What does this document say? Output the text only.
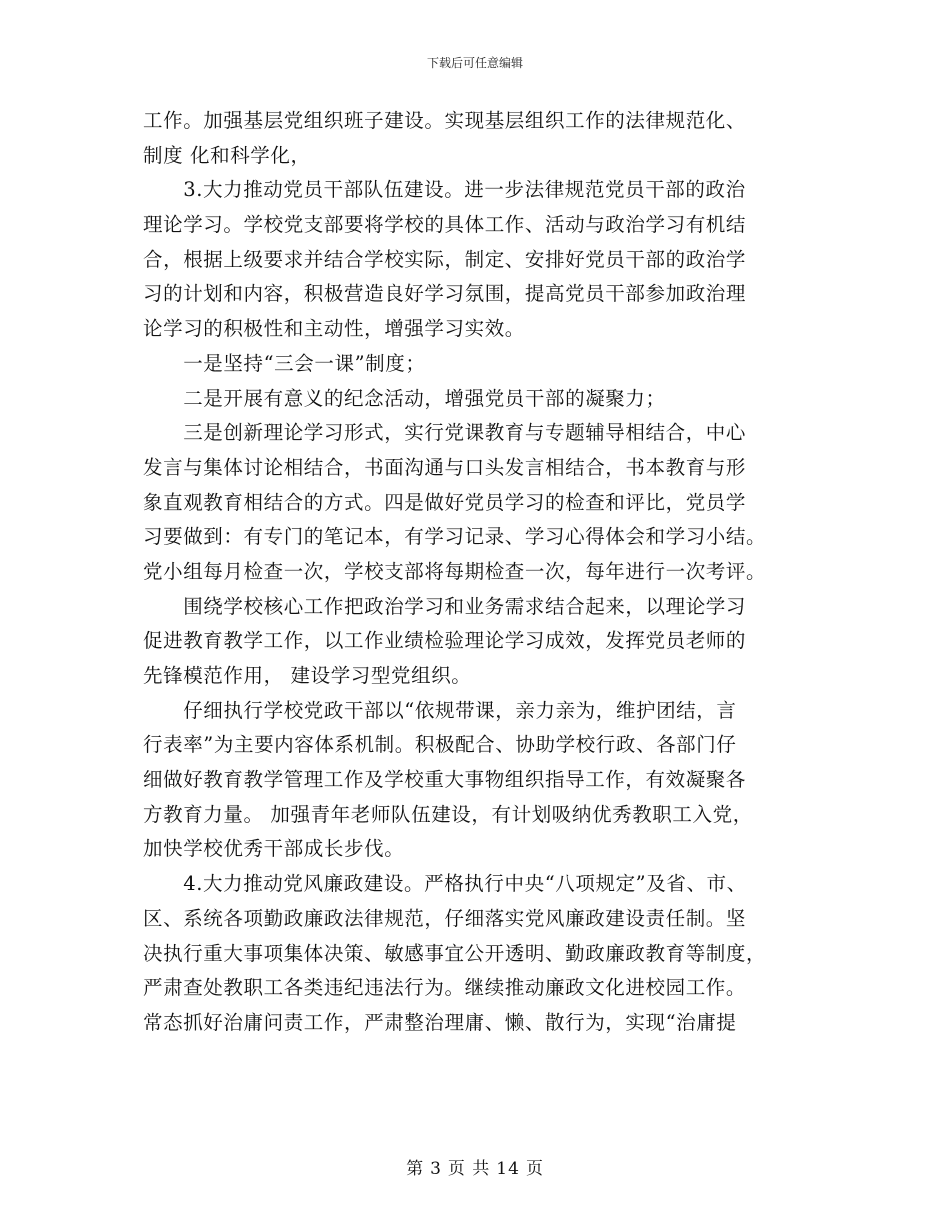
下载后可任意编辑
工作。加强基层党组织班子建设。实现基层组织工作的法律规范化、
制度 化和科学化，
　　3.大力推动党员干部队伍建设。进一步法律规范党员干部的政治
理论学习。学校党支部要将学校的具体工作、活动与政治学习有机结
合，根据上级要求并结合学校实际，制定、安排好党员干部的政治学
习的计划和内容，积极营造良好学习氛围，提高党员干部参加政治理
论学习的积极性和主动性，增强学习实效。
　　一是坚持“三会一课”制度；
　　二是开展有意义的纪念活动，增强党员干部的凝聚力；
　　三是创新理论学习形式，实行党课教育与专题辅导相结合，中心
发言与集体讨论相结合，书面沟通与口头发言相结合，书本教育与形
象直观教育相结合的方式。四是做好党员学习的检查和评比，党员学
习要做到：有专门的笔记本，有学习记录、学习心得体会和学习小结。
党小组每月检查一次，学校支部将每期检查一次，每年进行一次考评。
　　围绕学校核心工作把政治学习和业务需求结合起来，以理论学习
促进教育教学工作，以工作业绩检验理论学习成效，发挥党员老师的
先锋模范作用， 建设学习型党组织。
　　仔细执行学校党政干部以“依规带课，亲力亲为，维护团结，言
行表率”为主要内容体系机制。积极配合、协助学校行政、各部门仔
细做好教育教学管理工作及学校重大事物组织指导工作，有效凝聚各
方教育力量。 加强青年老师队伍建设，有计划吸纳优秀教职工入党，
加快学校优秀干部成长步伐。
　　4.大力推动党风廉政建设。严格执行中央“八项规定”及省、市、
区、系统各项勤政廉政法律规范，仔细落实党风廉政建设责任制。坚
决执行重大事项集体决策、敏感事宜公开透明、勤政廉政教育等制度，
严肃查处教职工各类违纪违法行为。继续推动廉政文化进校园工作。
常态抓好治庸问责工作，严肃整治理庸、懒、散行为，实现“治庸提
第 3 页 共 14 页
